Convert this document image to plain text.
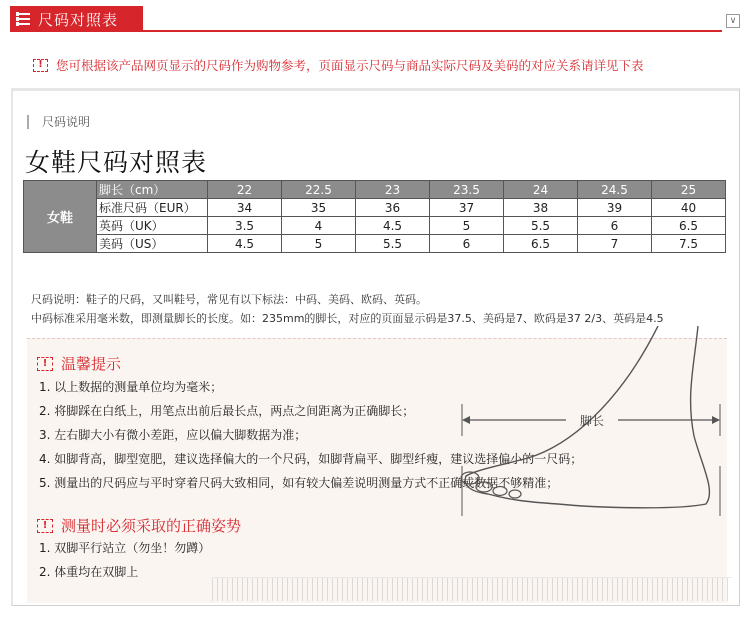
尺码对照表	∨
!	您可根据该产品网页显示的尺码作为购物参考，页面显示尺码与商品实际尺码及美码的对应关系请详见下表
尺码说明
女鞋尺码对照表
女鞋	脚长（cm）	22	22.5	23	23.5	24	24.5	25
	标准尺码（EUR）	34	35	36	37	38	39	40
	英码（UK）	3.5	4	4.5	5	5.5	6	6.5
	美码（US）	4.5	5	5.5	6	6.5	7	7.5
尺码说明：鞋子的尺码，又叫鞋号，常见有以下标法：中码、美码、欧码、英码。
中码标准采用毫米数，即测量脚长的长度。如：235mm的脚长，对应的页面显示码是37.5、美码是7、欧码是37 2/3、英码是4.5
! 温馨提示
1. 以上数据的测量单位均为毫米；
2. 将脚踩在白纸上，用笔点出前后最长点，两点之间距离为正确脚长；
3. 左右脚大小有微小差距，应以偏大脚数据为准；
4. 如脚背高，脚型宽肥，建议选择偏大的一个尺码，如脚背扁平、脚型纤瘦，建议选择偏小的一尺码；
5. 测量出的尺码应与平时穿着尺码大致相同，如有较大偏差说明测量方式不正确或数据不够精准；
! 测量时必须采取的正确姿势
1. 双脚平行站立（勿坐！勿蹲）
2. 体重均在双脚上
脚长
